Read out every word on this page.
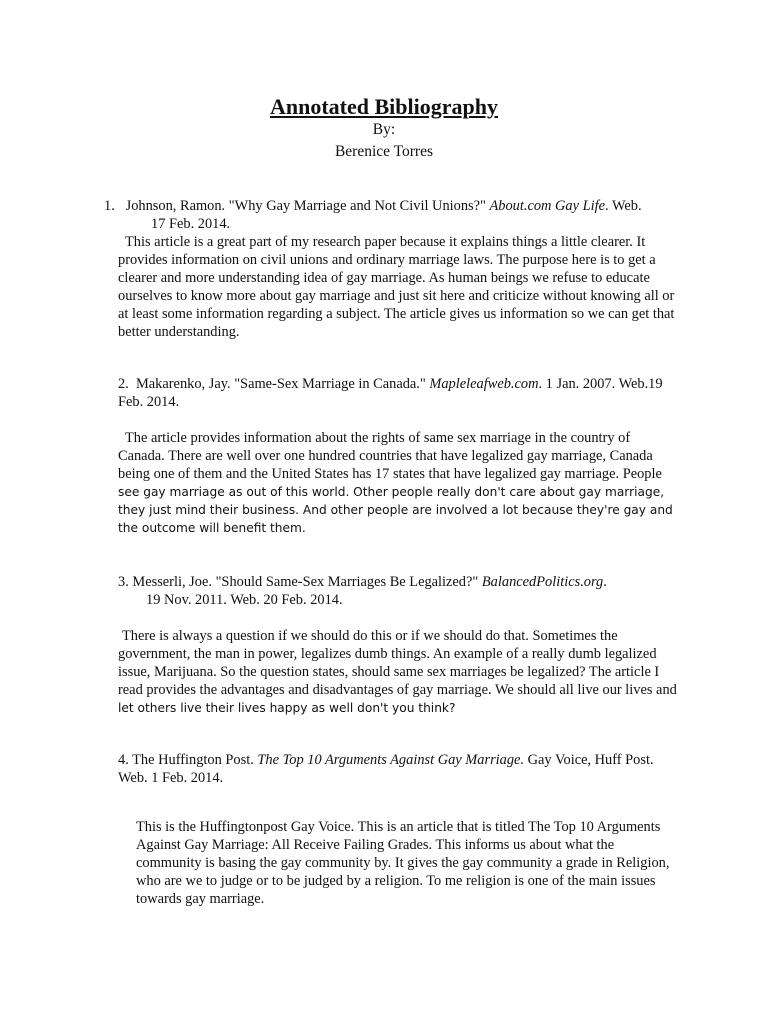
Annotated Bibliography
By:
Berenice Torres

1. Johnson, Ramon. "Why Gay Marriage and Not Civil Unions?" About.com Gay Life. Web.

17 Feb. 2014.

This article is a great part of my research paper because it explains things a little clearer. It provides information on civil unions and ordinary marriage laws. The purpose here is to get a clearer and more understanding idea of gay marriage. As human beings we refuse to educate ourselves to know more about gay marriage and just sit here and criticize without knowing all or at least some information regarding a subject. The article gives us information so we can get that better understanding.

2. Makarenko, Jay. "Same-Sex Marriage in Canada." Mapleleafweb.com. 1 Jan. 2007. Web.19
Feb. 2014.

The article provides information about the rights of same sex marriage in the country of Canada. There are well over one hundred countries that have legalized gay marriage, Canada being one of them and the United States has 17 states that have legalized gay marriage. People see gay marriage as out of this world. Other people really don't care about gay marriage, they just mind their business. And other people are involved a lot because they're gay and the outcome will benefit them.

3. Messerli, Joe. "Should Same-Sex Marriages Be Legalized?" BalancedPolitics.org.

19 Nov. 2011. Web. 20 Feb. 2014.

There is always a question if we should do this or if we should do that. Sometimes the government, the man in power, legalizes dumb things. An example of a really dumb legalized issue, Marijuana. So the question states, should same sex marriages be legalized? The article I read provides the advantages and disadvantages of gay marriage. We should all live our lives and let others live their lives happy as well don't you think?

4. The Huffington Post. The Top 10 Arguments Against Gay Marriage. Gay Voice, Huff Post.
Web. 1 Feb. 2014.

This is the Huffingtonpost Gay Voice. This is an article that is titled The Top 10 Arguments Against Gay Marriage: All Receive Failing Grades. This informs us about what the community is basing the gay community by. It gives the gay community a grade in Religion, who are we to judge or to be judged by a religion. To me religion is one of the main issues towards gay marriage.
